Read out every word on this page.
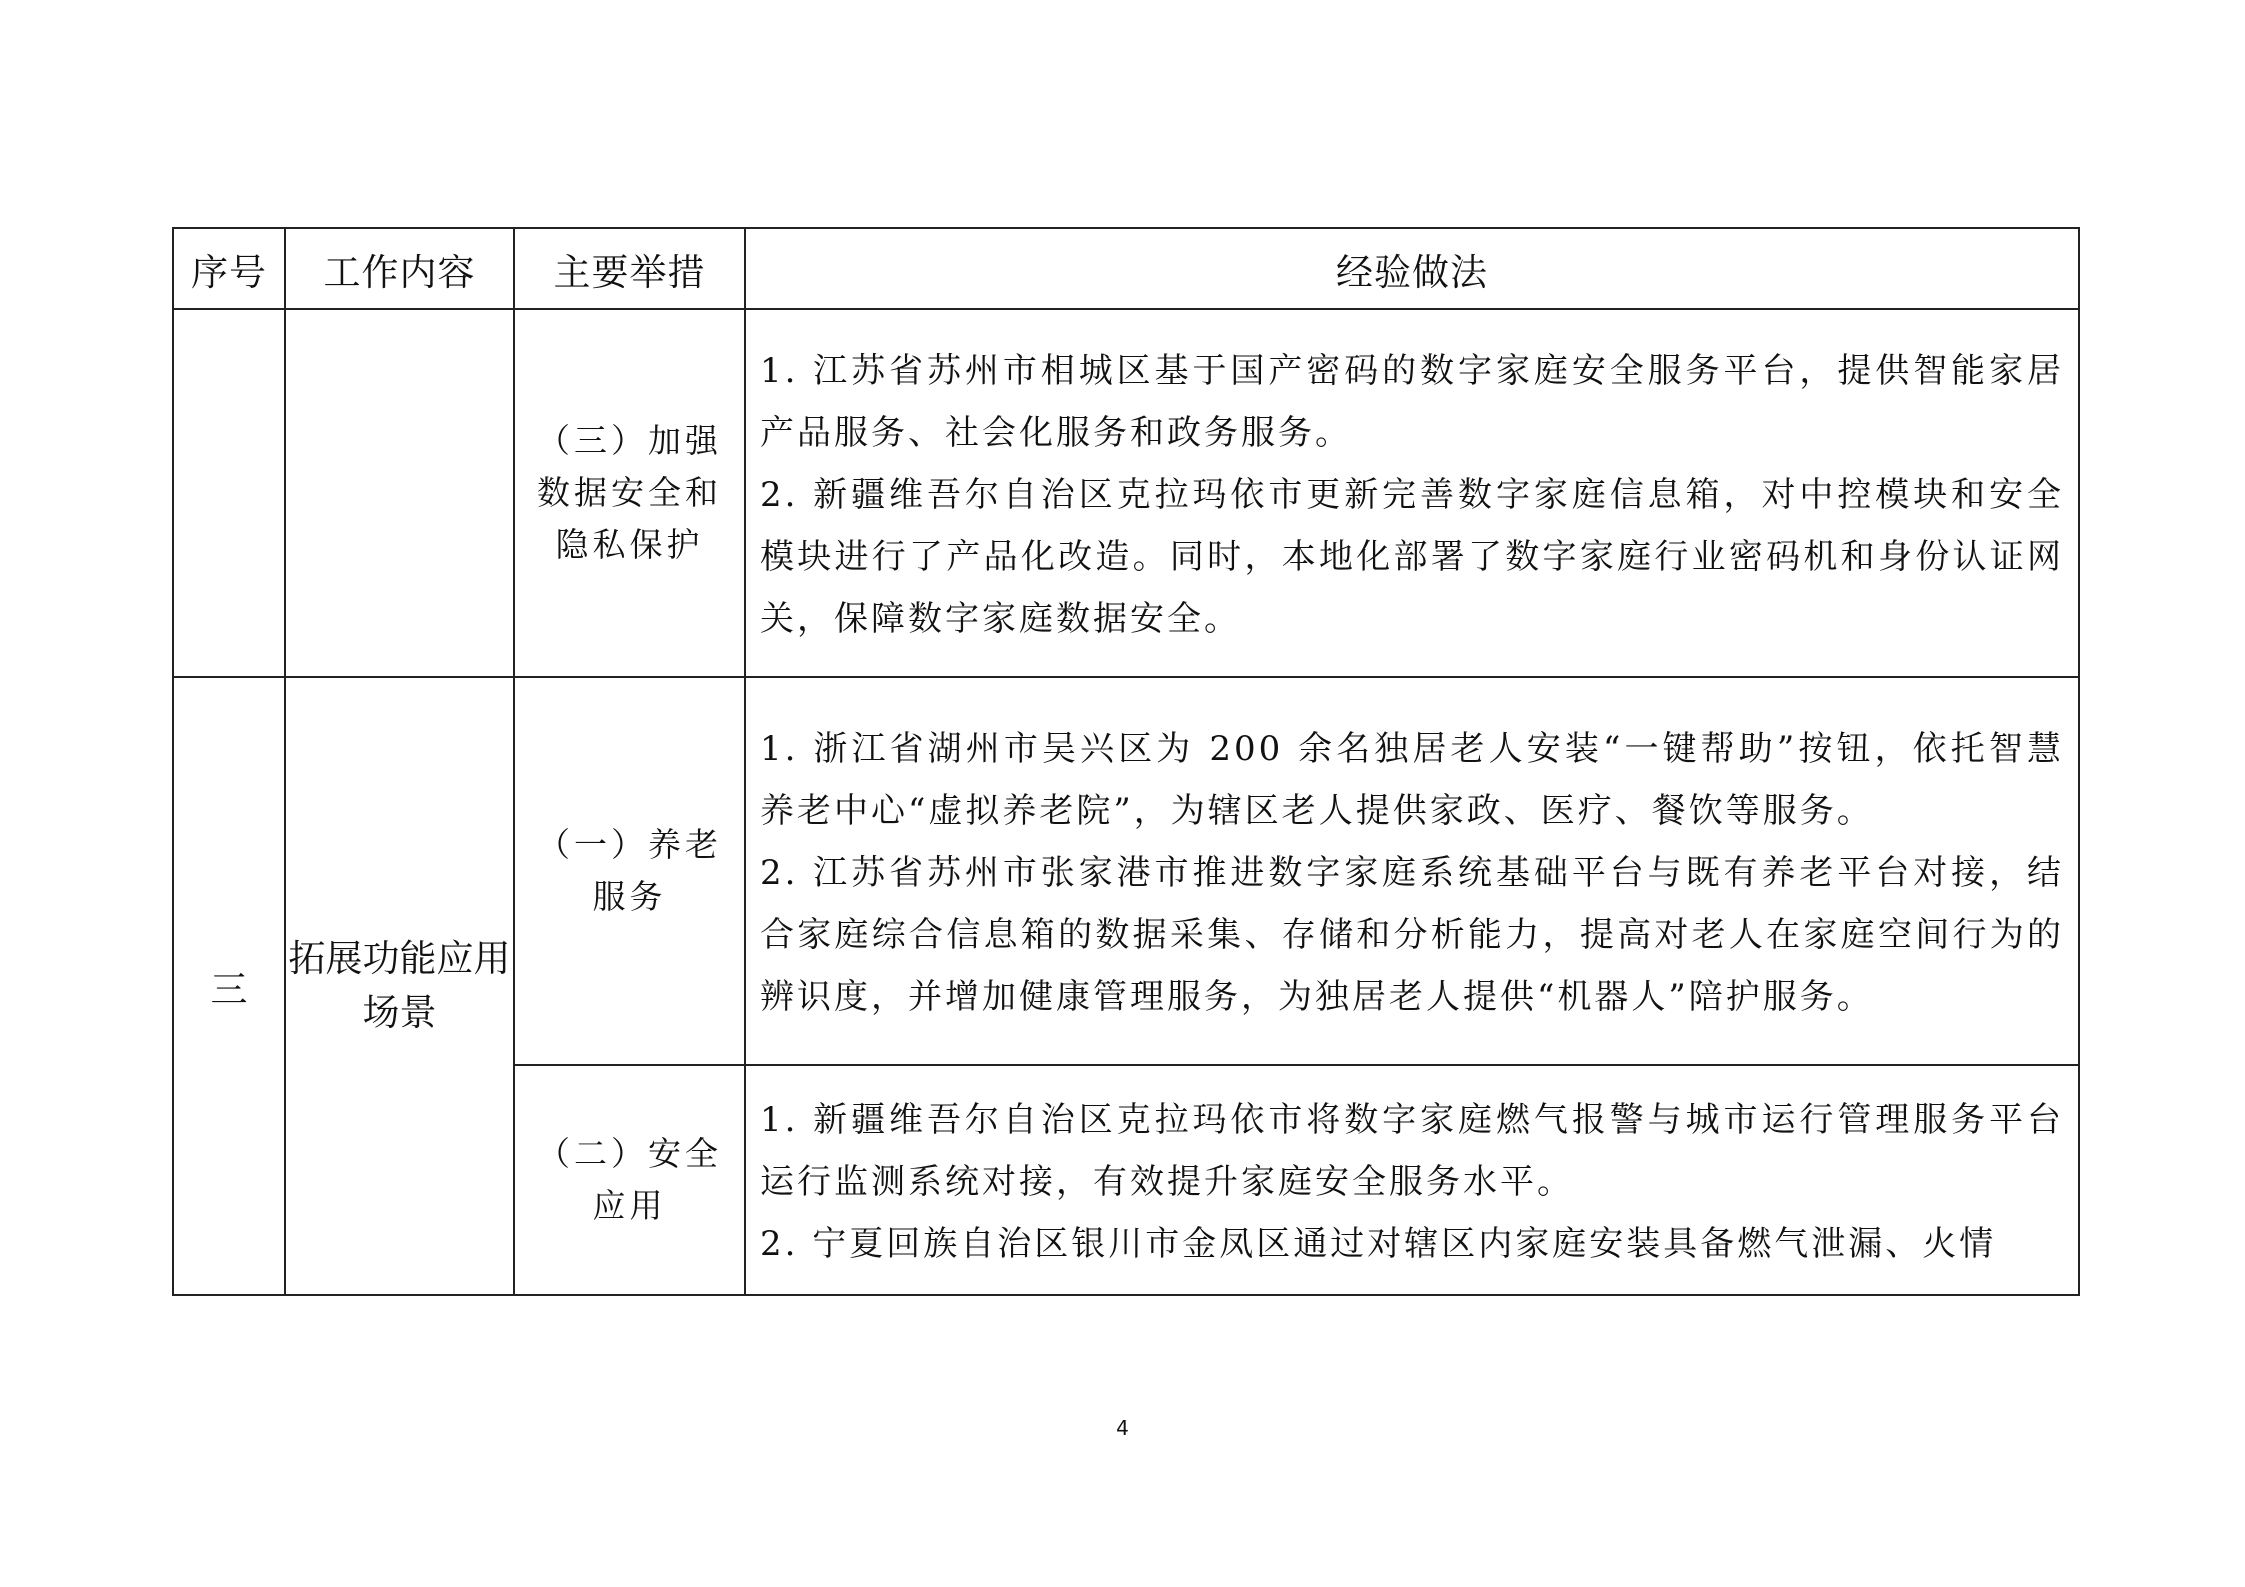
序号	工作内容	主要举措	经验做法
		（三）加强数据安全和隐私保护	1. 江苏省苏州市相城区基于国产密码的数字家庭安全服务平台，提供智能家居产品服务、社会化服务和政务服务。
2. 新疆维吾尔自治区克拉玛依市更新完善数字家庭信息箱，对中控模块和安全模块进行了产品化改造。同时，本地化部署了数字家庭行业密码机和身份认证网关，保障数字家庭数据安全。

三	拓展功能应用场景	（一）养老服务	1. 浙江省湖州市吴兴区为 200 余名独居老人安装“一键帮助”按钮，依托智慧养老中心“虚拟养老院”，为辖区老人提供家政、医疗、餐饮等服务。
2. 江苏省苏州市张家港市推进数字家庭系统基础平台与既有养老平台对接，结合家庭综合信息箱的数据采集、存储和分析能力，提高对老人在家庭空间行为的辨识度，并增加健康管理服务，为独居老人提供“机器人”陪护服务。

		（二）安全应用	1. 新疆维吾尔自治区克拉玛依市将数字家庭燃气报警与城市运行管理服务平台运行监测系统对接，有效提升家庭安全服务水平。
2. 宁夏回族自治区银川市金凤区通过对辖区内家庭安装具备燃气泄漏、火情
4
